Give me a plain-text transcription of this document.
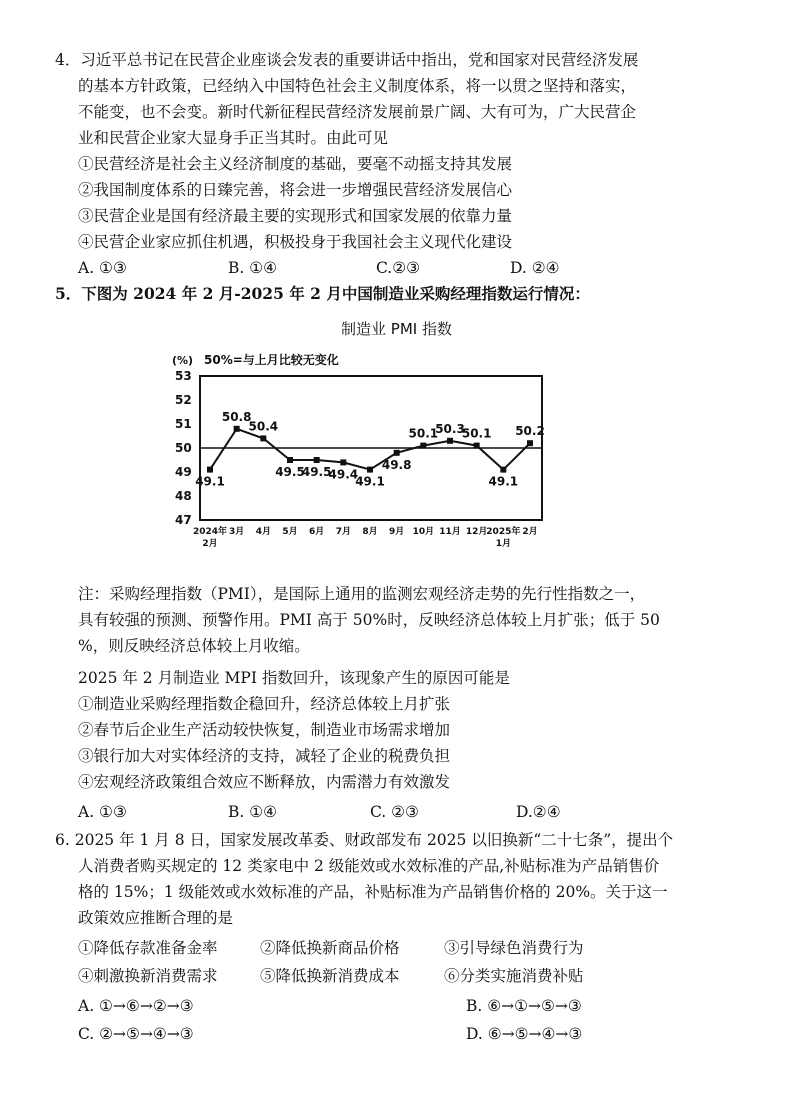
4．习近平总书记在民营企业座谈会发表的重要讲话中指出，党和国家对民营经济发展
的基本方针政策，已经纳入中国特色社会主义制度体系，将一以贯之坚持和落实，
不能变，也不会变。新时代新征程民营经济发展前景广阔、大有可为，广大民营企
业和民营企业家大显身手正当其时。由此可见
①民营经济是社会主义经济制度的基础，要毫不动摇支持其发展
②我国制度体系的日臻完善，将会进一步增强民营经济发展信心
③民营企业是国有经济最主要的实现形式和国家发展的依靠力量
④民营企业家应抓住机遇，积极投身于我国社会主义现代化建设
A. ①③	B. ①④	C.②③	D. ②④
5．下图为 2024 年 2 月-2025 年 2 月中国制造业采购经理指数运行情况：
制造业 PMI 指数
(%) 50%=与上月比较无变化
47
48
49
50
51
52
53
49.1
50.8
50.4
49.5
49.5
49.4
49.1
49.8
50.1
50.3
50.1
49.1
50.2
2024年
2月
3月 4月 5月 6月 7月 8月 9月 10月 11月 12月
2025年
1月
2月
注：采购经理指数（PMI），是国际上通用的监测宏观经济走势的先行性指数之一，
具有较强的预测、预警作用。PMI 高于 50%时，反映经济总体较上月扩张；低于 50
%，则反映经济总体较上月收缩。
2025 年 2 月制造业 MPI 指数回升，该现象产生的原因可能是
①制造业采购经理指数企稳回升，经济总体较上月扩张
②春节后企业生产活动较快恢复，制造业市场需求增加
③银行加大对实体经济的支持，减轻了企业的税费负担
④宏观经济政策组合效应不断释放，内需潜力有效激发
A. ①③	B. ①④	C. ②③	D.②④
6. 2025 年 1 月 8 日，国家发展改革委、财政部发布 2025 以旧换新“二十七条”，提出个
人消费者购买规定的 12 类家电中 2 级能效或水效标准的产品,补贴标准为产品销售价
格的 15%；1 级能效或水效标准的产品，补贴标准为产品销售价格的 20%。关于这一
政策效应推断合理的是
①降低存款准备金率	②降低换新商品价格	③引导绿色消费行为
④刺激换新消费需求	⑤降低换新消费成本	⑥分类实施消费补贴
A. ①→⑥→②→③	B. ⑥→①→⑤→③
C. ②→⑤→④→③	D. ⑥→⑤→④→③
